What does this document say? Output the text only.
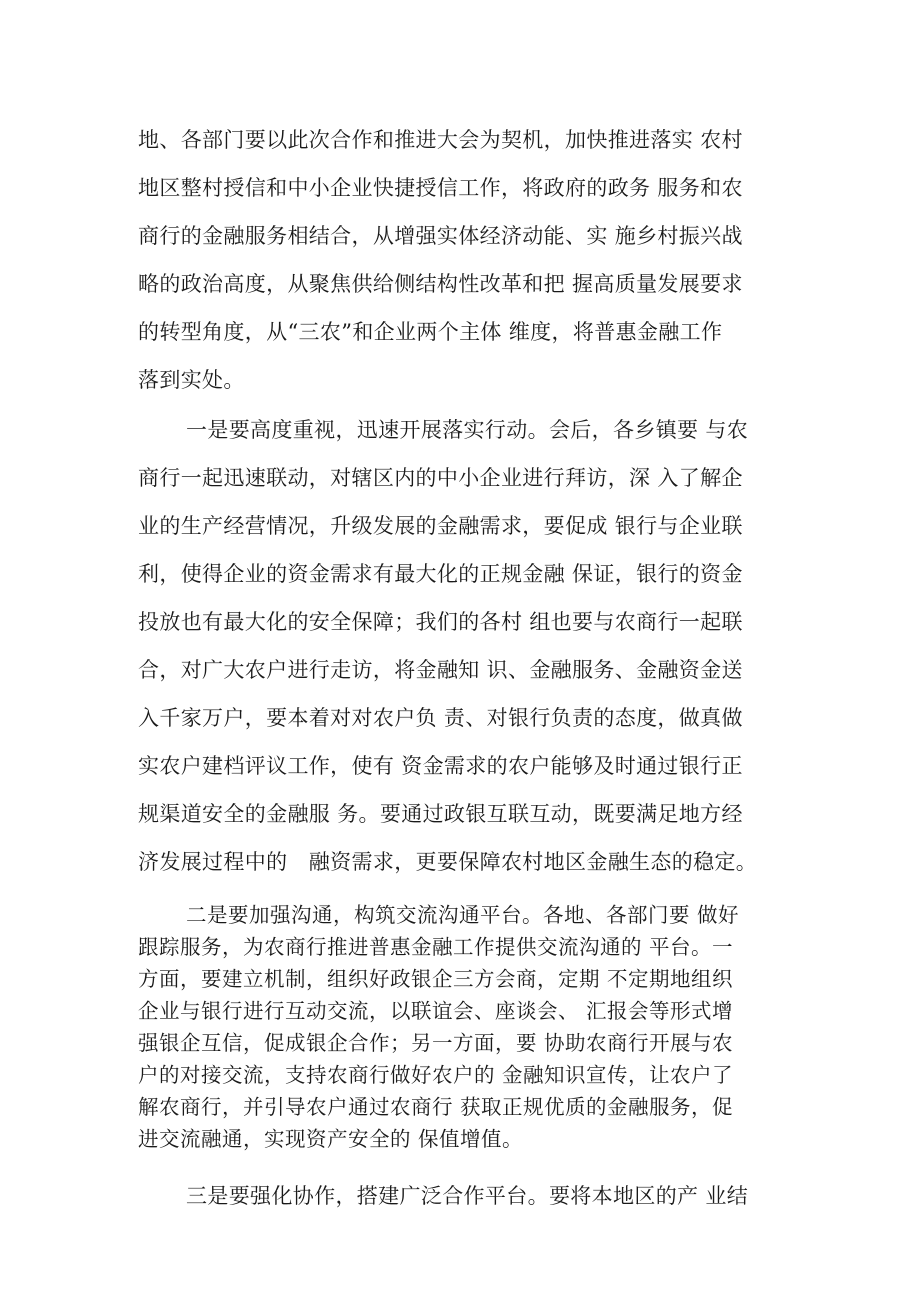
地、各部门要以此次合作和推进大会为契机，加快推进落实 农村
地区整村授信和中小企业快捷授信工作，将政府的政务 服务和农
商行的金融服务相结合，从增强实体经济动能、实 施乡村振兴战
略的政治高度，从聚焦供给侧结构性改革和把 握高质量发展要求
的转型角度，从“三农”和企业两个主体 维度，将普惠金融工作
落到实处。
一是要高度重视，迅速开展落实行动。会后，各乡镇要 与农
商行一起迅速联动，对辖区内的中小企业进行拜访，深 入了解企
业的生产经营情况，升级发展的金融需求，要促成 银行与企业联
利，使得企业的资金需求有最大化的正规金融 保证，银行的资金
投放也有最大化的安全保障；我们的各村 组也要与农商行一起联
合，对广大农户进行走访，将金融知 识、金融服务、金融资金送
入千家万户，要本着对对农户负 责、对银行负责的态度，做真做
实农户建档评议工作，使有 资金需求的农户能够及时通过银行正
规渠道安全的金融服 务。要通过政银互联互动，既要满足地方经
济发展过程中的　融资需求，更要保障农村地区金融生态的稳定。
二是要加强沟通，构筑交流沟通平台。各地、各部门要 做好
跟踪服务，为农商行推进普惠金融工作提供交流沟通的 平台。一
方面，要建立机制，组织好政银企三方会商，定期 不定期地组织
企业与银行进行互动交流，以联谊会、座谈会、 汇报会等形式增
强银企互信，促成银企合作；另一方面，要 协助农商行开展与农
户的对接交流，支持农商行做好农户的 金融知识宣传，让农户了
解农商行，并引导农户通过农商行 获取正规优质的金融服务，促
进交流融通，实现资产安全的 保值增值。
三是要强化协作，搭建广泛合作平台。要将本地区的产 业结
